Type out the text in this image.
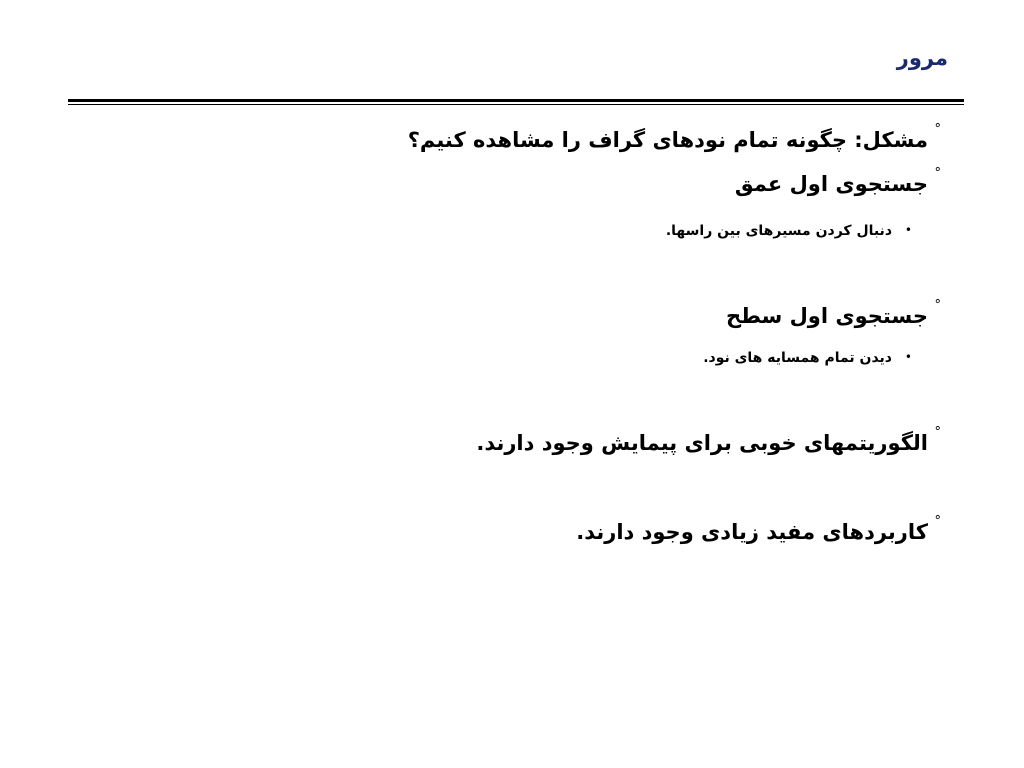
مرور
°
مشکل: چگونه تمام نودهای گراف را مشاهده کنیم؟
°
جستجوی اول عمق
•
دنبال کردن مسیرهای بین راسها.
°
جستجوی اول سطح
•
دیدن تمام همسایه های نود.
°
الگوریتمهای خوبی برای پیمایش وجود دارند.
°
کاربردهای مفید زیادی وجود دارند.
